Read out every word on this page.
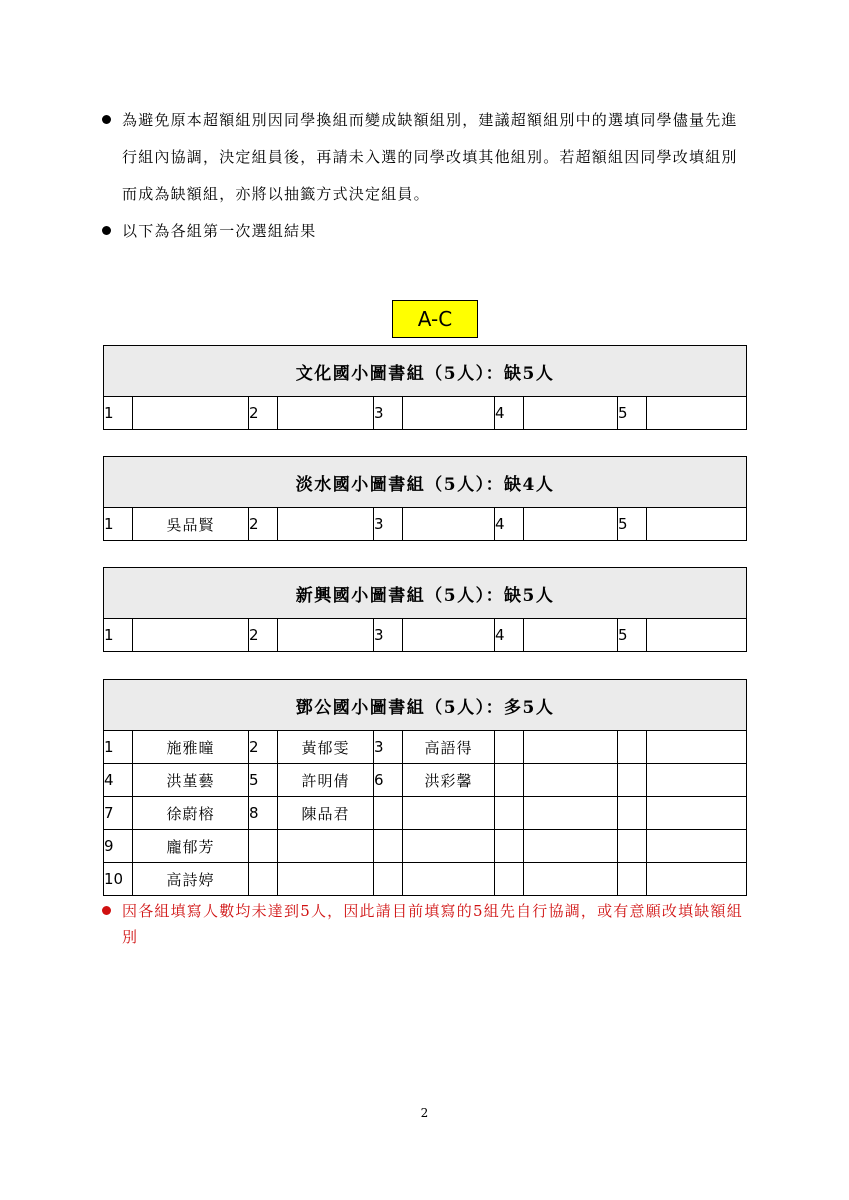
為避免原本超額組別因同學換組而變成缺額組別，建議超額組別中的選填同學儘量先進行組內協調，決定組員後，再請未入選的同學改填其他組別。若超額組因同學改填組別而成為缺額組，亦將以抽籤方式決定組員。
以下為各組第一次選組結果
A-C
文化國小圖書組（5人）：缺5人
1		2		3		4		5	
淡水國小圖書組（5人）：缺4人
1	吳品賢	2		3		4		5	
新興國小圖書組（5人）：缺5人
1		2		3		4		5	
鄧公國小圖書組（5人）：多5人									
1	施雅曈	2	黃郁雯	3	高語得				
4	洪堇藝	5	許明倩	6	洪彩馨				
7	徐蔚榕	8	陳品君						
9	龐郁芳								
10	高詩婷								
因各組填寫人數均未達到5人，因此請目前填寫的5組先自行協調，或有意願改填缺額組別
2
